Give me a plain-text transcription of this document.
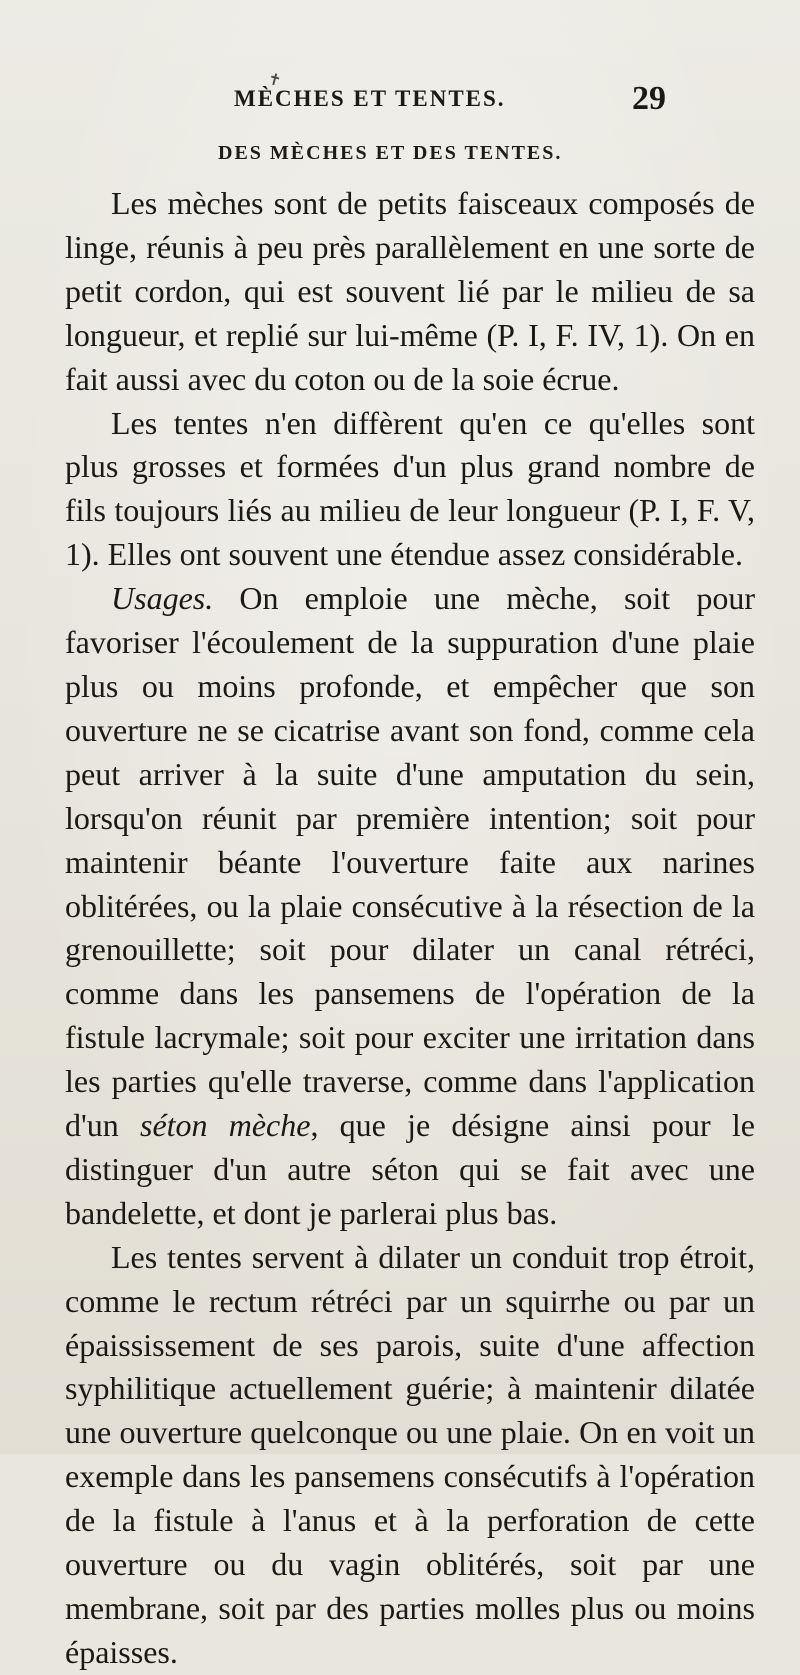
✝
MÈCHES ET TENTES.	29
DES MÈCHES ET DES TENTES.

Les mèches sont de petits faisceaux composés de linge, réunis à peu près parallèlement en une sorte de petit cordon, qui est souvent lié par le milieu de sa longueur, et replié sur lui-même (P. I, F. IV, 1). On en fait aussi avec du coton ou de la soie écrue.

Les tentes n'en diffèrent qu'en ce qu'elles sont plus grosses et formées d'un plus grand nombre de fils toujours liés au milieu de leur longueur (P. I, F. V, 1). Elles ont souvent une étendue assez considérable.

Usages. On emploie une mèche, soit pour favoriser l'écoulement de la suppuration d'une plaie plus ou moins profonde, et empêcher que son ouverture ne se cicatrise avant son fond, comme cela peut arriver à la suite d'une amputation du sein, lorsqu'on réunit par première intention; soit pour maintenir béante l'ouverture faite aux narines oblitérées, ou la plaie consécutive à la résection de la grenouillette; soit pour dilater un canal rétréci, comme dans les pansemens de l'opération de la fistule lacrymale; soit pour exciter une irritation dans les parties qu'elle traverse, comme dans l'application d'un séton mèche, que je désigne ainsi pour le distinguer d'un autre séton qui se fait avec une bandelette, et dont je parlerai plus bas.

Les tentes servent à dilater un conduit trop étroit, comme le rectum rétréci par un squirrhe ou par un épaississement de ses parois, suite d'une affection syphilitique actuellement guérie; à maintenir dilatée une ouverture quelconque ou une plaie. On en voit un exemple dans les pansemens consécutifs à l'opération de la fistule à l'anus et à la perforation de cette ouverture ou du vagin oblitérés, soit par une membrane, soit par des parties molles plus ou moins épaisses.
